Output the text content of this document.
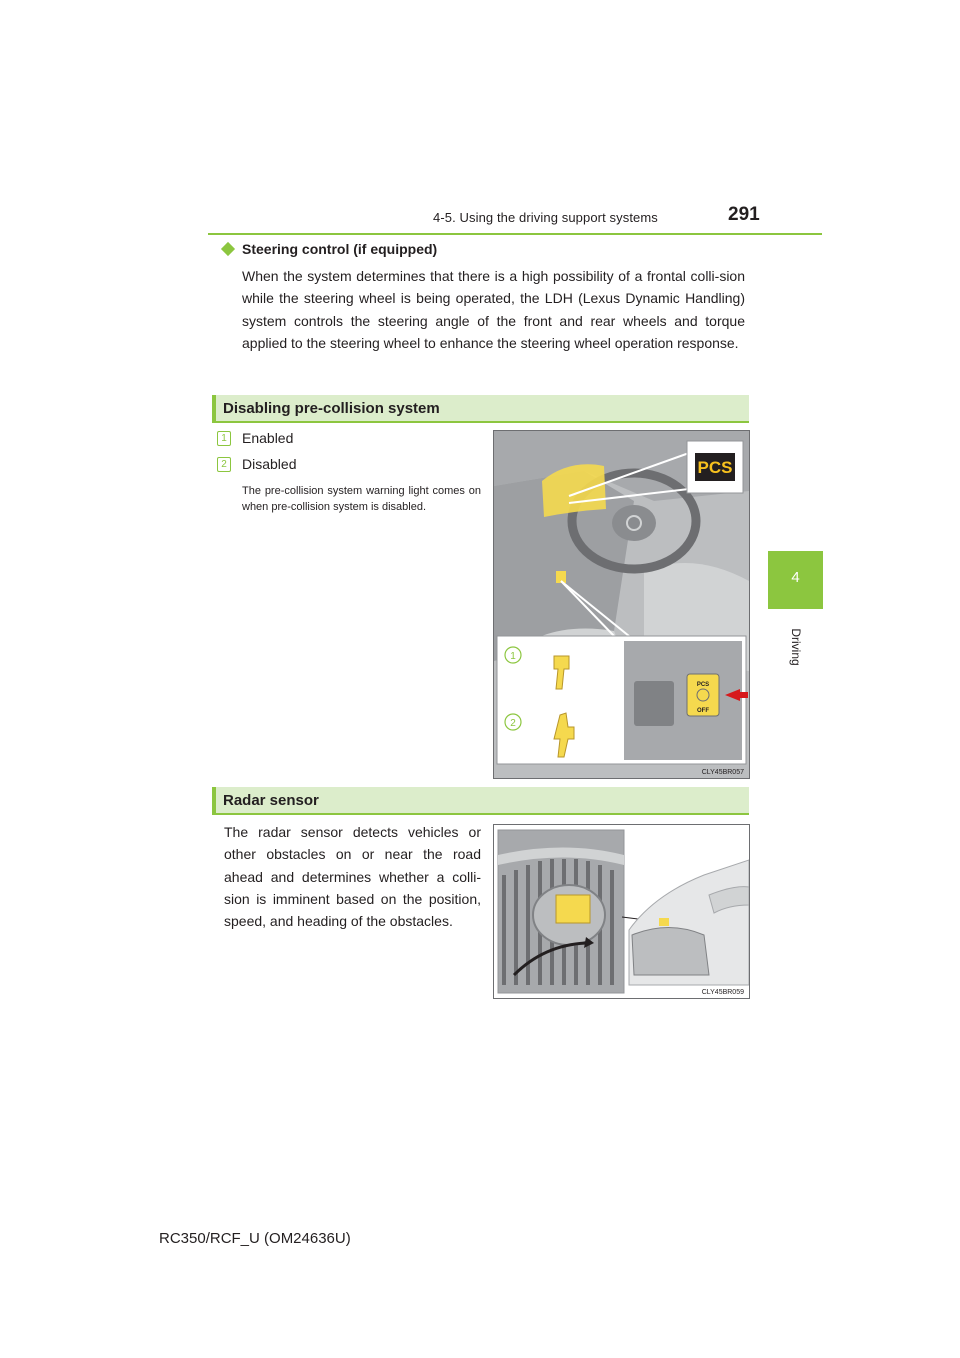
4-5. Using the driving support systems	291
4
Driving
Steering control (if equipped)
When the system determines that there is a high possibility of a frontal colli-sion while the steering wheel is being operated, the LDH (Lexus Dynamic Handling) system controls the steering angle of the front and rear wheels and torque applied to the steering wheel to enhance the steering wheel operation response.
Disabling pre-collision system
1	Enabled
2	Disabled
The pre-collision system warning light comes on when pre-collision system is disabled.
PCS
PCS
OFF
1
2
CLY45BR057
Radar sensor
The radar sensor detects vehicles or other obstacles on or near the road ahead and determines whether a colli-sion is imminent based on the position, speed, and heading of the obstacles.
CLY45BR059
RC350/RCF_U (OM24636U)
